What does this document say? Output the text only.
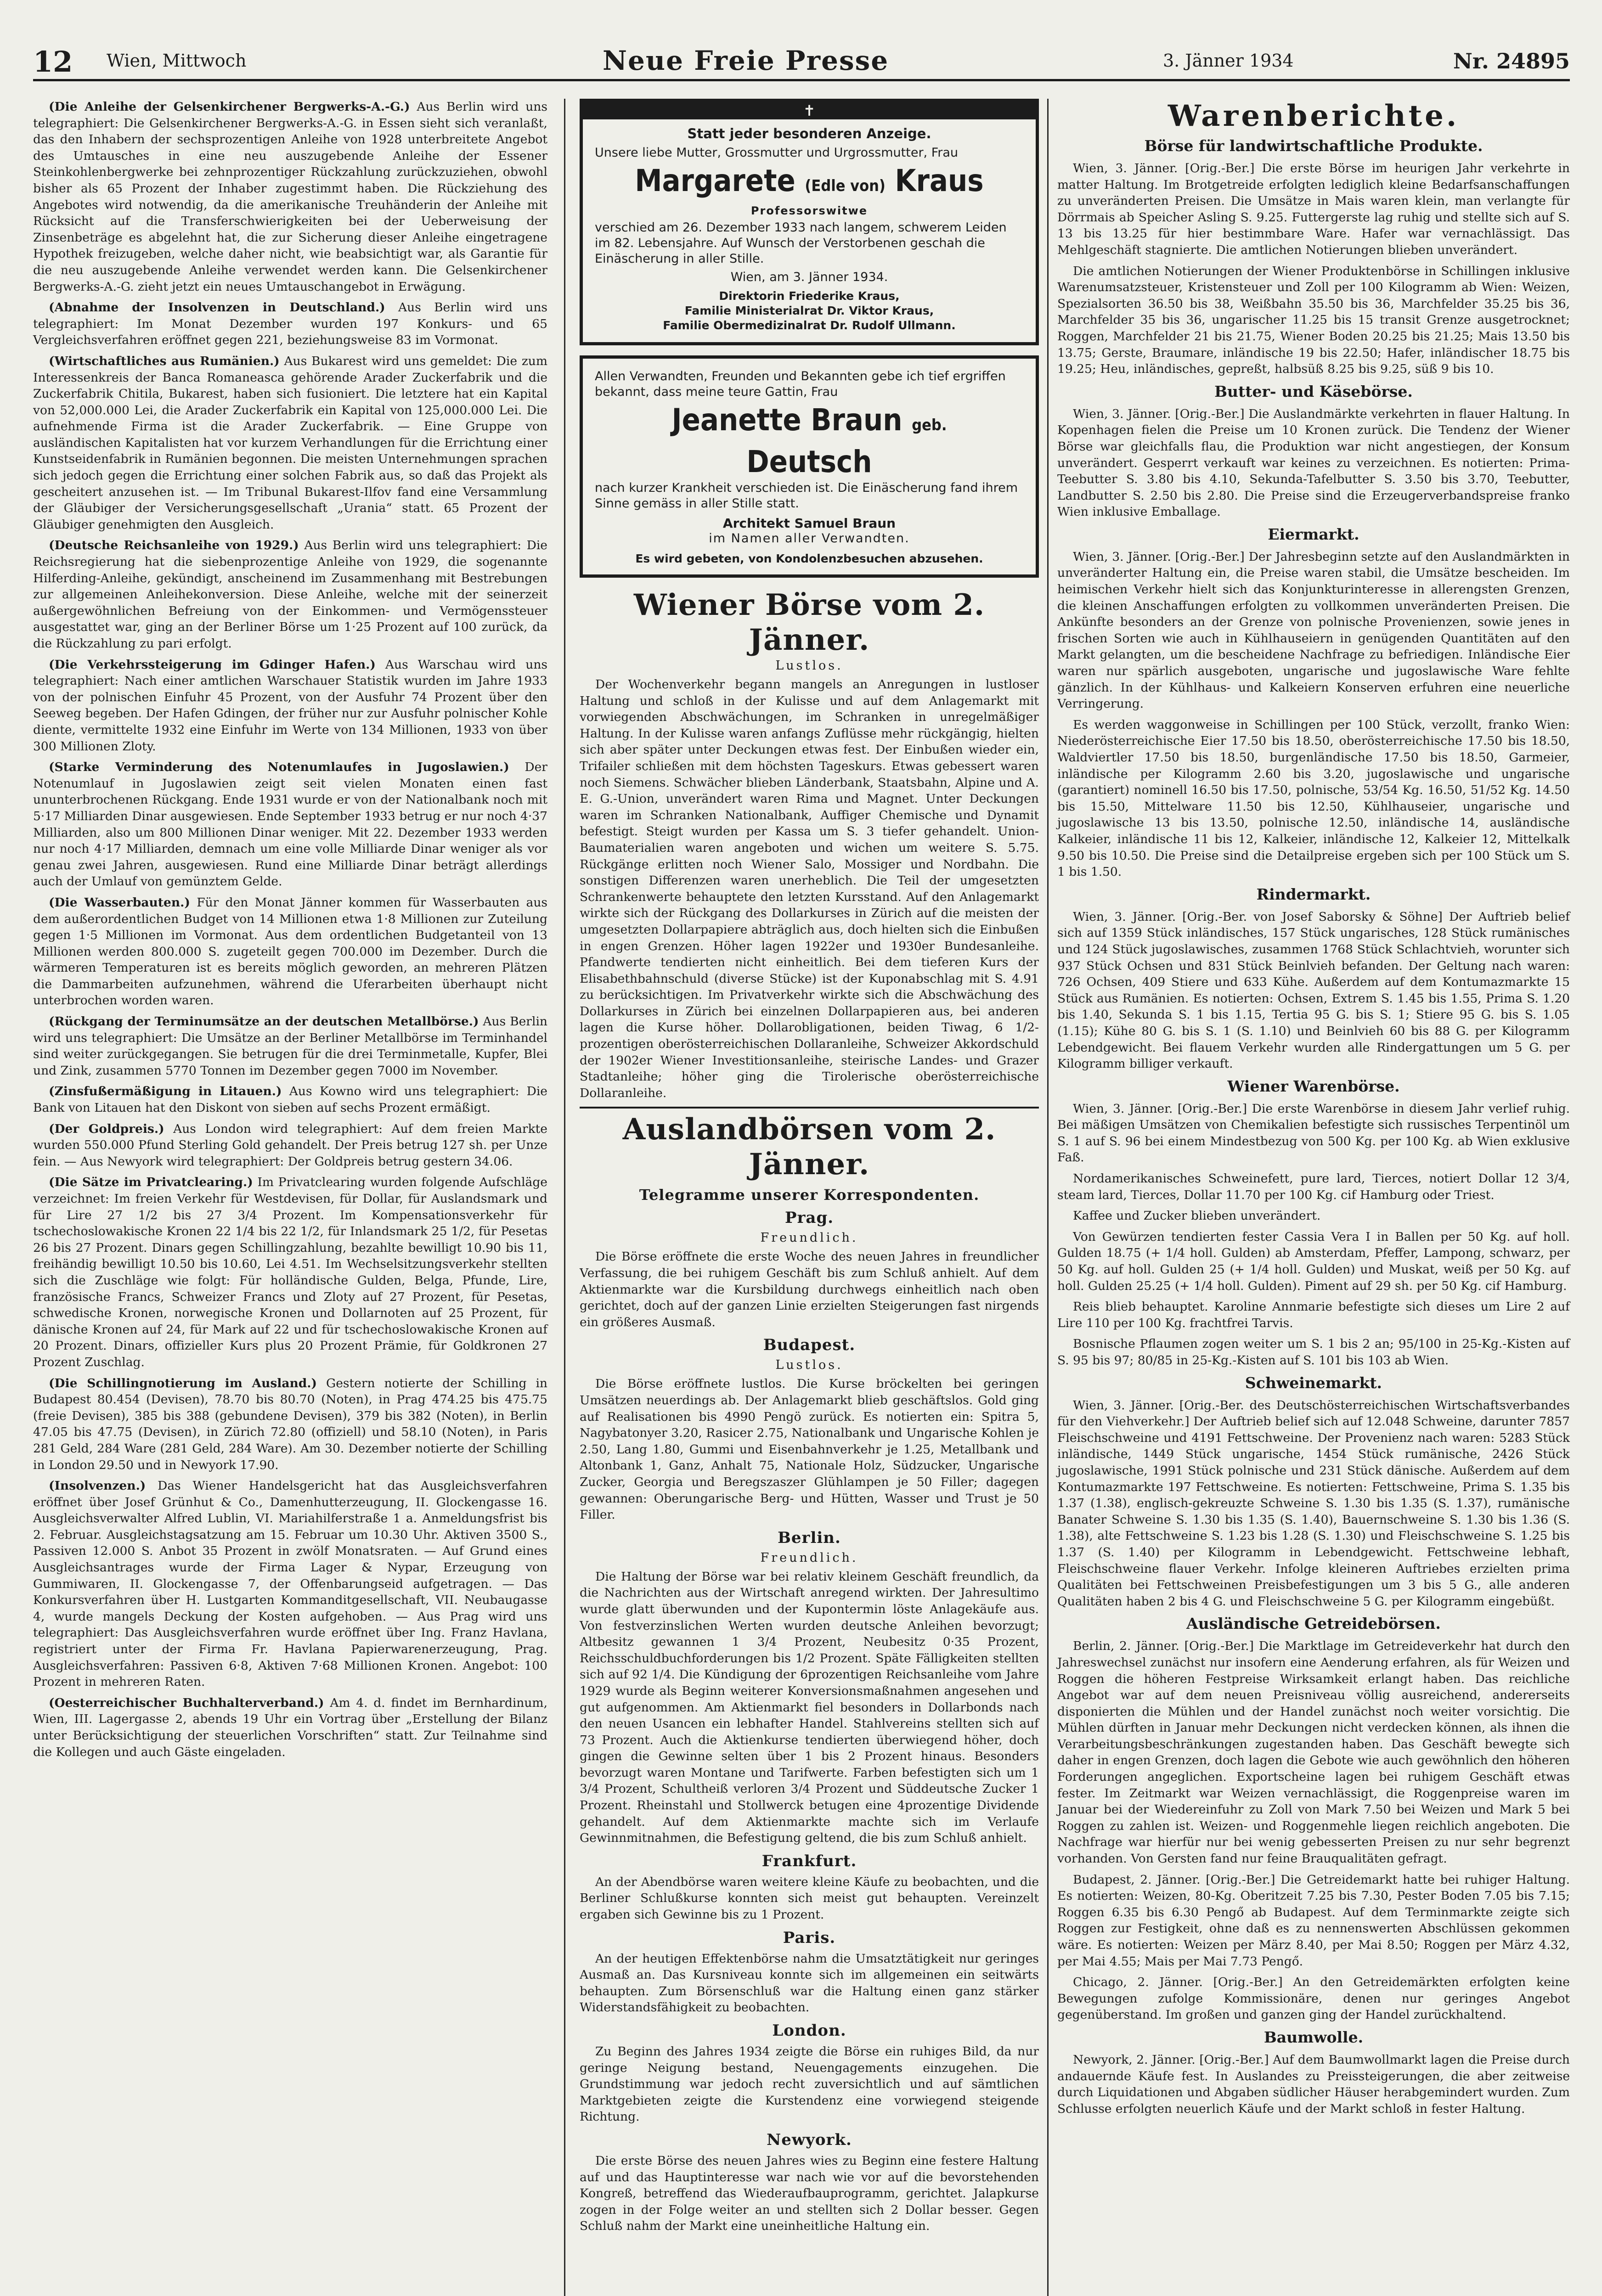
12 Wien, Mittwoch	Neue Freie Presse	3. Jänner 1934	Nr. 24895

(Die Anleihe der Gelsenkirchener Bergwerks-A.-G.) Aus Berlin wird uns telegraphiert: Die Gelsenkirchener Bergwerks-A.-G. in Essen sieht sich veranlaßt, das den Inhabern der sechsprozentigen Anleihe von 1928 unterbreitete Angebot des Umtausches in eine neu auszugebende Anleihe der Essener Steinkohlenbergwerke bei zehnprozentiger Rückzahlung zurückzuziehen, obwohl bisher als 65 Prozent der Inhaber zugestimmt haben. Die Rückziehung des Angebotes wird notwendig, da die amerikanische Treuhänderin der Anleihe mit Rücksicht auf die Transferschwierigkeiten bei der Ueberweisung der Zinsenbeträge es abgelehnt hat, die zur Sicherung dieser Anleihe eingetragene Hypothek freizugeben, welche daher nicht, wie beabsichtigt war, als Garantie für die neu auszugebende Anleihe verwendet werden kann. Die Gelsenkirchener Bergwerks-A.-G. zieht jetzt ein neues Umtauschangebot in Erwägung.

(Abnahme der Insolvenzen in Deutschland.) Aus Berlin wird uns telegraphiert: Im Monat Dezember wurden 197 Konkurs- und 65 Vergleichsverfahren eröffnet gegen 221, beziehungsweise 83 im Vormonat.

(Wirtschaftliches aus Rumänien.) Aus Bukarest wird uns gemeldet: Die zum Interessenkreis der Banca Romaneasca gehörende Arader Zuckerfabrik und die Zuckerfabrik Chitila, Bukarest, haben sich fusioniert. Die letztere hat ein Kapital von 52,000.000 Lei, die Arader Zuckerfabrik ein Kapital von 125,000.000 Lei. Die aufnehmende Firma ist die Arader Zuckerfabrik. — Eine Gruppe von ausländischen Kapitalisten hat vor kurzem Verhandlungen für die Errichtung einer Kunstseidenfabrik in Rumänien begonnen. Die meisten Unternehmungen sprachen sich jedoch gegen die Errichtung einer solchen Fabrik aus, so daß das Projekt als gescheitert anzusehen ist. — Im Tribunal Bukarest-Ilfov fand eine Versammlung der Gläubiger der Versicherungsgesellschaft „Urania“ statt. 65 Prozent der Gläubiger genehmigten den Ausgleich.

(Deutsche Reichsanleihe von 1929.) Aus Berlin wird uns telegraphiert: Die Reichsregierung hat die siebenprozentige Anleihe von 1929, die sogenannte Hilferding-Anleihe, gekündigt, anscheinend im Zusammenhang mit Bestrebungen zur allgemeinen Anleihekonversion. Diese Anleihe, welche mit der seinerzeit außergewöhnlichen Befreiung von der Einkommen- und Vermögenssteuer ausgestattet war, ging an der Berliner Börse um 1·25 Prozent auf 100 zurück, da die Rückzahlung zu pari erfolgt.

(Die Verkehrssteigerung im Gdinger Hafen.) Aus Warschau wird uns telegraphiert: Nach einer amtlichen Warschauer Statistik wurden im Jahre 1933 von der polnischen Einfuhr 45 Prozent, von der Ausfuhr 74 Prozent über den Seeweg begeben. Der Hafen Gdingen, der früher nur zur Ausfuhr polnischer Kohle diente, vermittelte 1932 eine Einfuhr im Werte von 134 Millionen, 1933 von über 300 Millionen Zloty.

(Starke Verminderung des Notenumlaufes in Jugoslawien.) Der Notenumlauf in Jugoslawien zeigt seit vielen Monaten einen fast ununterbrochenen Rückgang. Ende 1931 wurde er von der Nationalbank noch mit 5·17 Milliarden Dinar ausgewiesen. Ende September 1933 betrug er nur noch 4·37 Milliarden, also um 800 Millionen Dinar weniger. Mit 22. Dezember 1933 werden nur noch 4·17 Milliarden, demnach um eine volle Milliarde Dinar weniger als vor genau zwei Jahren, ausgewiesen. Rund eine Milliarde Dinar beträgt allerdings auch der Umlauf von gemünztem Gelde.

(Die Wasserbauten.) Für den Monat Jänner kommen für Wasserbauten aus dem außerordentlichen Budget von 14 Millionen etwa 1·8 Millionen zur Zuteilung gegen 1·5 Millionen im Vormonat. Aus dem ordentlichen Budgetanteil von 13 Millionen werden 800.000 S. zugeteilt gegen 700.000 im Dezember. Durch die wärmeren Temperaturen ist es bereits möglich geworden, an mehreren Plätzen die Dammarbeiten aufzunehmen, während die Uferarbeiten überhaupt nicht unterbrochen worden waren.

(Rückgang der Terminumsätze an der deutschen Metallbörse.) Aus Berlin wird uns telegraphiert: Die Umsätze an der Berliner Metallbörse im Terminhandel sind weiter zurückgegangen. Sie betrugen für die drei Terminmetalle, Kupfer, Blei und Zink, zusammen 5770 Tonnen im Dezember gegen 7000 im November.

(Zinsfußermäßigung in Litauen.) Aus Kowno wird uns telegraphiert: Die Bank von Litauen hat den Diskont von sieben auf sechs Prozent ermäßigt.

(Der Goldpreis.) Aus London wird telegraphiert: Auf dem freien Markte wurden 550.000 Pfund Sterling Gold gehandelt. Der Preis betrug 127 sh. per Unze fein. — Aus Newyork wird telegraphiert: Der Goldpreis betrug gestern 34.06.

(Die Sätze im Privatclearing.) Im Privatclearing wurden folgende Aufschläge verzeichnet: Im freien Verkehr für Westdevisen, für Dollar, für Auslandsmark und für Lire 27 1/2 bis 27 3/4 Prozent. Im Kompensationsverkehr für tschechoslowakische Kronen 22 1/4 bis 22 1/2, für Inlandsmark 25 1/2, für Pesetas 26 bis 27 Prozent. Dinars gegen Schillingzahlung, bezahlte bewilligt 10.90 bis 11, freihändig bewilligt 10.50 bis 10.60, Lei 4.51. Im Wechselsitzungsverkehr stellten sich die Zuschläge wie folgt: Für holländische Gulden, Belga, Pfunde, Lire, französische Francs, Schweizer Francs und Zloty auf 27 Prozent, für Pesetas, schwedische Kronen, norwegische Kronen und Dollarnoten auf 25 Prozent, für dänische Kronen auf 24, für Mark auf 22 und für tschechoslowakische Kronen auf 20 Prozent. Dinars, offizieller Kurs plus 20 Prozent Prämie, für Goldkronen 27 Prozent Zuschlag.

(Die Schillingnotierung im Ausland.) Gestern notierte der Schilling in Budapest 80.454 (Devisen), 78.70 bis 80.70 (Noten), in Prag 474.25 bis 475.75 (freie Devisen), 385 bis 388 (gebundene Devisen), 379 bis 382 (Noten), in Berlin 47.05 bis 47.75 (Devisen), in Zürich 72.80 (offiziell) und 58.10 (Noten), in Paris 281 Geld, 284 Ware (281 Geld, 284 Ware). Am 30. Dezember notierte der Schilling in London 29.50 und in Newyork 17.90.

(Insolvenzen.) Das Wiener Handelsgericht hat das Ausgleichsverfahren eröffnet über Josef Grünhut & Co., Damenhutterzeugung, II. Glockengasse 16. Ausgleichsverwalter Alfred Lublin, VI. Mariahilferstraße 1 a. Anmeldungsfrist bis 2. Februar. Ausgleichstagsatzung am 15. Februar um 10.30 Uhr. Aktiven 3500 S., Passiven 12.000 S. Anbot 35 Prozent in zwölf Monatsraten. — Auf Grund eines Ausgleichsantrages wurde der Firma Lager & Nypar, Erzeugung von Gummiwaren, II. Glockengasse 7, der Offenbarungseid aufgetragen. — Das Konkursverfahren über H. Lustgarten Kommanditgesellschaft, VII. Neubaugasse 4, wurde mangels Deckung der Kosten aufgehoben. — Aus Prag wird uns telegraphiert: Das Ausgleichsverfahren wurde eröffnet über Ing. Franz Havlana, registriert unter der Firma Fr. Havlana Papierwarenerzeugung, Prag. Ausgleichsverfahren: Passiven 6·8, Aktiven 7·68 Millionen Kronen. Angebot: 100 Prozent in mehreren Raten.

(Oesterreichischer Buchhalterverband.) Am 4. d. findet im Bernhardinum, Wien, III. Lagergasse 2, abends 19 Uhr ein Vortrag über „Erstellung der Bilanz unter Berücksichtigung der steuerlichen Vorschriften“ statt. Zur Teilnahme sind die Kollegen und auch Gäste eingeladen.

✝
Statt jeder besonderen Anzeige.
Unsere liebe Mutter, Grossmutter und Urgrossmutter, Frau
Margarete (Edle von) Kraus
Professorswitwe
verschied am 26. Dezember 1933 nach langem, schwerem Leiden im 82. Lebensjahre. Auf Wunsch der Verstorbenen geschah die Einäscherung in aller Stille.
Wien, am 3. Jänner 1934.
Direktorin Friederike Kraus,
Familie Ministerialrat Dr. Viktor Kraus,
Familie Obermedizinalrat Dr. Rudolf Ullmann.
Allen Verwandten, Freunden und Bekannten gebe ich tief ergriffen bekannt, dass meine teure Gattin, Frau
Jeanette Braun geb. Deutsch
nach kurzer Krankheit verschieden ist. Die Einäscherung fand ihrem Sinne gemäss in aller Stille statt.
Architekt Samuel Braun
im Namen aller Verwandten.
Es wird gebeten, von Kondolenzbesuchen abzusehen.
Wiener Börse vom 2. Jänner.
Lustlos.

Der Wochenverkehr begann mangels an Anregungen in lustloser Haltung und schloß in der Kulisse und auf dem Anlagemarkt mit vorwiegenden Abschwächungen, im Schranken in unregelmäßiger Haltung. In der Kulisse waren anfangs Zuflüsse mehr rückgängig, hielten sich aber später unter Deckungen etwas fest. Der Einbußen wieder ein, Trifailer schließen mit dem höchsten Tageskurs. Etwas gebessert waren noch Siemens. Schwächer blieben Länderbank, Staatsbahn, Alpine und A. E. G.-Union, unverändert waren Rima und Magnet. Unter Deckungen waren im Schranken Nationalbank, Auffiger Chemische und Dynamit befestigt. Steigt wurden per Kassa um S. 3 tiefer gehandelt. Union-Baumaterialien waren angeboten und wichen um weitere S. 5.75. Rückgänge erlitten noch Wiener Salo, Mossiger und Nordbahn. Die sonstigen Differenzen waren unerheblich. Die Teil der umgesetzten Schrankenwerte behauptete den letzten Kursstand. Auf den Anlagemarkt wirkte sich der Rückgang des Dollarkurses in Zürich auf die meisten der umgesetzten Dollarpapiere abträglich aus, doch hielten sich die Einbußen in engen Grenzen. Höher lagen 1922er und 1930er Bundesanleihe. Pfandwerte tendierten nicht einheitlich. Bei dem tieferen Kurs der Elisabethbahnschuld (diverse Stücke) ist der Kuponabschlag mit S. 4.91 zu berücksichtigen. Im Privatverkehr wirkte sich die Abschwächung des Dollarkurses in Zürich bei einzelnen Dollarpapieren aus, bei anderen lagen die Kurse höher. Dollarobligationen, beiden Tiwag, 6 1/2-prozentigen oberösterreichischen Dollaranleihe, Schweizer Akkordschuld der 1902er Wiener Investitionsanleihe, steirische Landes- und Grazer Stadtanleihe; höher ging die Tirolerische oberösterreichische Dollaranleihe.

Auslandbörsen vom 2. Jänner.
Telegramme unserer Korrespondenten.
Prag.
Freundlich.

Die Börse eröffnete die erste Woche des neuen Jahres in freundlicher Verfassung, die bei ruhigem Geschäft bis zum Schluß anhielt. Auf dem Aktienmarkte war die Kursbildung durchwegs einheitlich nach oben gerichtet, doch auf der ganzen Linie erzielten Steigerungen fast nirgends ein größeres Ausmaß.

Budapest.
Lustlos.

Die Börse eröffnete lustlos. Die Kurse bröckelten bei geringen Umsätzen neuerdings ab. Der Anlagemarkt blieb geschäftslos. Gold ging auf Realisationen bis 4990 Pengö zurück. Es notierten ein: Spitra 5, Nagybatonyer 3.20, Rasicer 2.75, Nationalbank und Ungarische Kohlen je 2.50, Lang 1.80, Gummi und Eisenbahnverkehr je 1.25, Metallbank und Altonbank 1, Ganz, Anhalt 75, Nationale Holz, Südzucker, Ungarische Zucker, Georgia und Beregszaszer Glühlampen je 50 Filler; dagegen gewannen: Oberungarische Berg- und Hütten, Wasser und Trust je 50 Filler.

Berlin.
Freundlich.

Die Haltung der Börse war bei relativ kleinem Geschäft freundlich, da die Nachrichten aus der Wirtschaft anregend wirkten. Der Jahresultimo wurde glatt überwunden und der Kupontermin löste Anlagekäufe aus. Von festverzinslichen Werten wurden deutsche Anleihen bevorzugt; Altbesitz gewannen 1 3/4 Prozent, Neubesitz 0·35 Prozent, Reichsschuldbuchforderungen bis 1/2 Prozent. Späte Fälligkeiten stellten sich auf 92 1/4. Die Kündigung der 6prozentigen Reichsanleihe vom Jahre 1929 wurde als Beginn weiterer Konversionsmaßnahmen angesehen und gut aufgenommen. Am Aktienmarkt fiel besonders in Dollarbonds nach den neuen Usancen ein lebhafter Handel. Stahlvereins stellten sich auf 73 Prozent. Auch die Aktienkurse tendierten überwiegend höher, doch gingen die Gewinne selten über 1 bis 2 Prozent hinaus. Besonders bevorzugt waren Montane und Tarifwerte. Farben befestigten sich um 1 3/4 Prozent, Schultheiß verloren 3/4 Prozent und Süddeutsche Zucker 1 Prozent. Rheinstahl und Stollwerck betugen eine 4prozentige Dividende gehandelt. Auf dem Aktienmarkte machte sich im Verlaufe Gewinnmitnahmen, die Befestigung geltend, die bis zum Schluß anhielt.

Frankfurt.

An der Abendbörse waren weitere kleine Käufe zu beobachten, und die Berliner Schlußkurse konnten sich meist gut behaupten. Vereinzelt ergaben sich Gewinne bis zu 1 Prozent.

Paris.

An der heutigen Effektenbörse nahm die Umsatztätigkeit nur geringes Ausmaß an. Das Kursniveau konnte sich im allgemeinen ein seitwärts behaupten. Zum Börsenschluß war die Haltung einen ganz stärker Widerstandsfähigkeit zu beobachten.

London.

Zu Beginn des Jahres 1934 zeigte die Börse ein ruhiges Bild, da nur geringe Neigung bestand, Neuengagements einzugehen. Die Grundstimmung war jedoch recht zuversichtlich und auf sämtlichen Marktgebieten zeigte die Kurstendenz eine vorwiegend steigende Richtung.

Newyork.

Die erste Börse des neuen Jahres wies zu Beginn eine festere Haltung auf und das Hauptinteresse war nach wie vor auf die bevorstehenden Kongreß, betreffend das Wiederaufbauprogramm, gerichtet. Jalapkurse zogen in der Folge weiter an und stellten sich 2 Dollar besser. Gegen Schluß nahm der Markt eine uneinheitliche Haltung ein.

Warenberichte.
Börse für landwirtschaftliche Produkte.

Wien, 3. Jänner. [Orig.-Ber.] Die erste Börse im heurigen Jahr verkehrte in matter Haltung. Im Brotgetreide erfolgten lediglich kleine Bedarfsanschaffungen zu unveränderten Preisen. Die Umsätze in Mais waren klein, man verlangte für Dörrmais ab Speicher Asling S. 9.25. Futtergerste lag ruhig und stellte sich auf S. 13 bis 13.25 für hier bestimmbare Ware. Hafer war vernachlässigt. Das Mehlgeschäft stagnierte. Die amtlichen Notierungen blieben unverändert.

Die amtlichen Notierungen der Wiener Produktenbörse in Schillingen inklusive Warenumsatzsteuer, Kristensteuer und Zoll per 100 Kilogramm ab Wien: Weizen, Spezialsorten 36.50 bis 38, Weißbahn 35.50 bis 36, Marchfelder 35.25 bis 36, Marchfelder 35 bis 36, ungarischer 11.25 bis 15 transit Grenze ausgetrocknet; Roggen, Marchfelder 21 bis 21.75, Wiener Boden 20.25 bis 21.25; Mais 13.50 bis 13.75; Gerste, Braumare, inländische 19 bis 22.50; Hafer, inländischer 18.75 bis 19.25; Heu, inländisches, gepreßt, halbsüß 8.25 bis 9.25, süß 9 bis 10.

Butter- und Käsebörse.

Wien, 3. Jänner. [Orig.-Ber.] Die Auslandmärkte verkehrten in flauer Haltung. In Kopenhagen fielen die Preise um 10 Kronen zurück. Die Tendenz der Wiener Börse war gleichfalls flau, die Produktion war nicht angestiegen, der Konsum unverändert. Gesperrt verkauft war keines zu verzeichnen. Es notierten: Prima-Teebutter S. 3.80 bis 4.10, Sekunda-Tafelbutter S. 3.50 bis 3.70, Teebutter, Landbutter S. 2.50 bis 2.80. Die Preise sind die Erzeugerverbandspreise franko Wien inklusive Emballage.

Eiermarkt.

Wien, 3. Jänner. [Orig.-Ber.] Der Jahresbeginn setzte auf den Auslandmärkten in unveränderter Haltung ein, die Preise waren stabil, die Umsätze bescheiden. Im heimischen Verkehr hielt sich das Konjunkturinteresse in allerengsten Grenzen, die kleinen Anschaffungen erfolgten zu vollkommen unveränderten Preisen. Die Ankünfte besonders an der Grenze von polnische Provenienzen, sowie jenes in frischen Sorten wie auch in Kühlhauseiern in genügenden Quantitäten auf den Markt gelangten, um die bescheidene Nachfrage zu befriedigen. Inländische Eier waren nur spärlich ausgeboten, ungarische und jugoslawische Ware fehlte gänzlich. In der Kühlhaus- und Kalkeiern Konserven erfuhren eine neuerliche Verringerung.

Es werden waggonweise in Schillingen per 100 Stück, verzollt, franko Wien: Niederösterreichische Eier 17.50 bis 18.50, oberösterreichische 17.50 bis 18.50, Waldviertler 17.50 bis 18.50, burgenländische 17.50 bis 18.50, Garmeier, inländische per Kilogramm 2.60 bis 3.20, jugoslawische und ungarische (garantiert) nominell 16.50 bis 17.50, polnische, 53/54 Kg. 16.50, 51/52 Kg. 14.50 bis 15.50, Mittelware 11.50 bis 12.50, Kühlhauseier, ungarische und jugoslawische 13 bis 13.50, polnische 12.50, inländische 14, ausländische Kalkeier, inländische 11 bis 12, Kalkeier, inländische 12, Kalkeier 12, Mittelkalk 9.50 bis 10.50. Die Preise sind die Detailpreise ergeben sich per 100 Stück um S. 1 bis 1.50.

Rindermarkt.

Wien, 3. Jänner. [Orig.-Ber. von Josef Saborsky & Söhne] Der Auftrieb belief sich auf 1359 Stück inländisches, 157 Stück ungarisches, 128 Stück rumänisches und 124 Stück jugoslawisches, zusammen 1768 Stück Schlachtvieh, worunter sich 937 Stück Ochsen und 831 Stück Beinlvieh befanden. Der Geltung nach waren: 726 Ochsen, 409 Stiere und 633 Kühe. Außerdem auf dem Kontumazmarkte 15 Stück aus Rumänien. Es notierten: Ochsen, Extrem S. 1.45 bis 1.55, Prima S. 1.20 bis 1.40, Sekunda S. 1 bis 1.15, Tertia 95 G. bis S. 1; Stiere 95 G. bis S. 1.05 (1.15); Kühe 80 G. bis S. 1 (S. 1.10) und Beinlvieh 60 bis 88 G. per Kilogramm Lebendgewicht. Bei flauem Verkehr wurden alle Rindergattungen um 5 G. per Kilogramm billiger verkauft.

Wiener Warenbörse.

Wien, 3. Jänner. [Orig.-Ber.] Die erste Warenbörse in diesem Jahr verlief ruhig. Bei mäßigen Umsätzen von Chemikalien befestigte sich russisches Terpentinöl um S. 1 auf S. 96 bei einem Mindestbezug von 500 Kg. per 100 Kg. ab Wien exklusive Faß.

Nordamerikanisches Schweinefett, pure lard, Tierces, notiert Dollar 12 3/4, steam lard, Tierces, Dollar 11.70 per 100 Kg. cif Hamburg oder Triest.

Kaffee und Zucker blieben unverändert.

Von Gewürzen tendierten fester Cassia Vera I in Ballen per 50 Kg. auf holl. Gulden 18.75 (+ 1/4 holl. Gulden) ab Amsterdam, Pfeffer, Lampong, schwarz, per 50 Kg. auf holl. Gulden 25 (+ 1/4 holl. Gulden) und Muskat, weiß per 50 Kg. auf holl. Gulden 25.25 (+ 1/4 holl. Gulden). Piment auf 29 sh. per 50 Kg. cif Hamburg.

Reis blieb behauptet. Karoline Annmarie befestigte sich dieses um Lire 2 auf Lire 110 per 100 Kg. frachtfrei Tarvis.

Bosnische Pflaumen zogen weiter um S. 1 bis 2 an; 95/100 in 25-Kg.-Kisten auf S. 95 bis 97; 80/85 in 25-Kg.-Kisten auf S. 101 bis 103 ab Wien.

Schweinemarkt.

Wien, 3. Jänner. [Orig.-Ber. des Deutschösterreichischen Wirtschaftsverbandes für den Viehverkehr.] Der Auftrieb belief sich auf 12.048 Schweine, darunter 7857 Fleischschweine und 4191 Fettschweine. Der Provenienz nach waren: 5283 Stück inländische, 1449 Stück ungarische, 1454 Stück rumänische, 2426 Stück jugoslawische, 1991 Stück polnische und 231 Stück dänische. Außerdem auf dem Kontumazmarkte 197 Fettschweine. Es notierten: Fettschweine, Prima S. 1.35 bis 1.37 (1.38), englisch-gekreuzte Schweine S. 1.30 bis 1.35 (S. 1.37), rumänische Banater Schweine S. 1.30 bis 1.35 (S. 1.40), Bauernschweine S. 1.30 bis 1.36 (S. 1.38), alte Fettschweine S. 1.23 bis 1.28 (S. 1.30) und Fleischschweine S. 1.25 bis 1.37 (S. 1.40) per Kilogramm in Lebendgewicht. Fettschweine lebhaft, Fleischschweine flauer Verkehr. Infolge kleineren Auftriebes erzielten prima Qualitäten bei Fettschweinen Preisbefestigungen um 3 bis 5 G., alle anderen Qualitäten haben 2 bis 4 G. und Fleischschweine 5 G. per Kilogramm eingebüßt.

Ausländische Getreidebörsen.

Berlin, 2. Jänner. [Orig.-Ber.] Die Marktlage im Getreideverkehr hat durch den Jahreswechsel zunächst nur insofern eine Aenderung erfahren, als für Weizen und Roggen die höheren Festpreise Wirksamkeit erlangt haben. Das reichliche Angebot war auf dem neuen Preisniveau völlig ausreichend, andererseits disponierten die Mühlen und der Handel zunächst noch weiter vorsichtig. Die Mühlen dürften in Januar mehr Deckungen nicht verdecken können, als ihnen die Verarbeitungsbeschränkungen zugestanden haben. Das Geschäft bewegte sich daher in engen Grenzen, doch lagen die Gebote wie auch gewöhnlich den höheren Forderungen angeglichen. Exportscheine lagen bei ruhigem Geschäft etwas fester. Im Zeitmarkt war Weizen vernachlässigt, die Roggenpreise waren im Januar bei der Wiedereinfuhr zu Zoll von Mark 7.50 bei Weizen und Mark 5 bei Roggen zu zahlen ist. Weizen- und Roggenmehle liegen reichlich angeboten. Die Nachfrage war hierfür nur bei wenig gebesserten Preisen zu nur sehr begrenzt vorhanden. Von Gersten fand nur feine Brauqualitäten gefragt.

Budapest, 2. Jänner. [Orig.-Ber.] Die Getreidemarkt hatte bei ruhiger Haltung. Es notierten: Weizen, 80-Kg. Oberitzeit 7.25 bis 7.30, Pester Boden 7.05 bis 7.15; Roggen 6.35 bis 6.30 Pengő ab Budapest. Auf dem Terminmarkte zeigte sich Roggen zur Festigkeit, ohne daß es zu nennenswerten Abschlüssen gekommen wäre. Es notierten: Weizen per März 8.40, per Mai 8.50; Roggen per März 4.32, per Mai 4.55; Mais per Mai 7.73 Pengő.

Chicago, 2. Jänner. [Orig.-Ber.] An den Getreidemärkten erfolgten keine Bewegungen zufolge Kommissionäre, denen nur geringes Angebot gegenüberstand. Im großen und ganzen ging der Handel zurückhaltend.

Baumwolle.

Newyork, 2. Jänner. [Orig.-Ber.] Auf dem Baumwollmarkt lagen die Preise durch andauernde Käufe fest. In Auslandes zu Preissteigerungen, die aber zeitweise durch Liquidationen und Abgaben südlicher Häuser herabgemindert wurden. Zum Schlusse erfolgten neuerlich Käufe und der Markt schloß in fester Haltung.
